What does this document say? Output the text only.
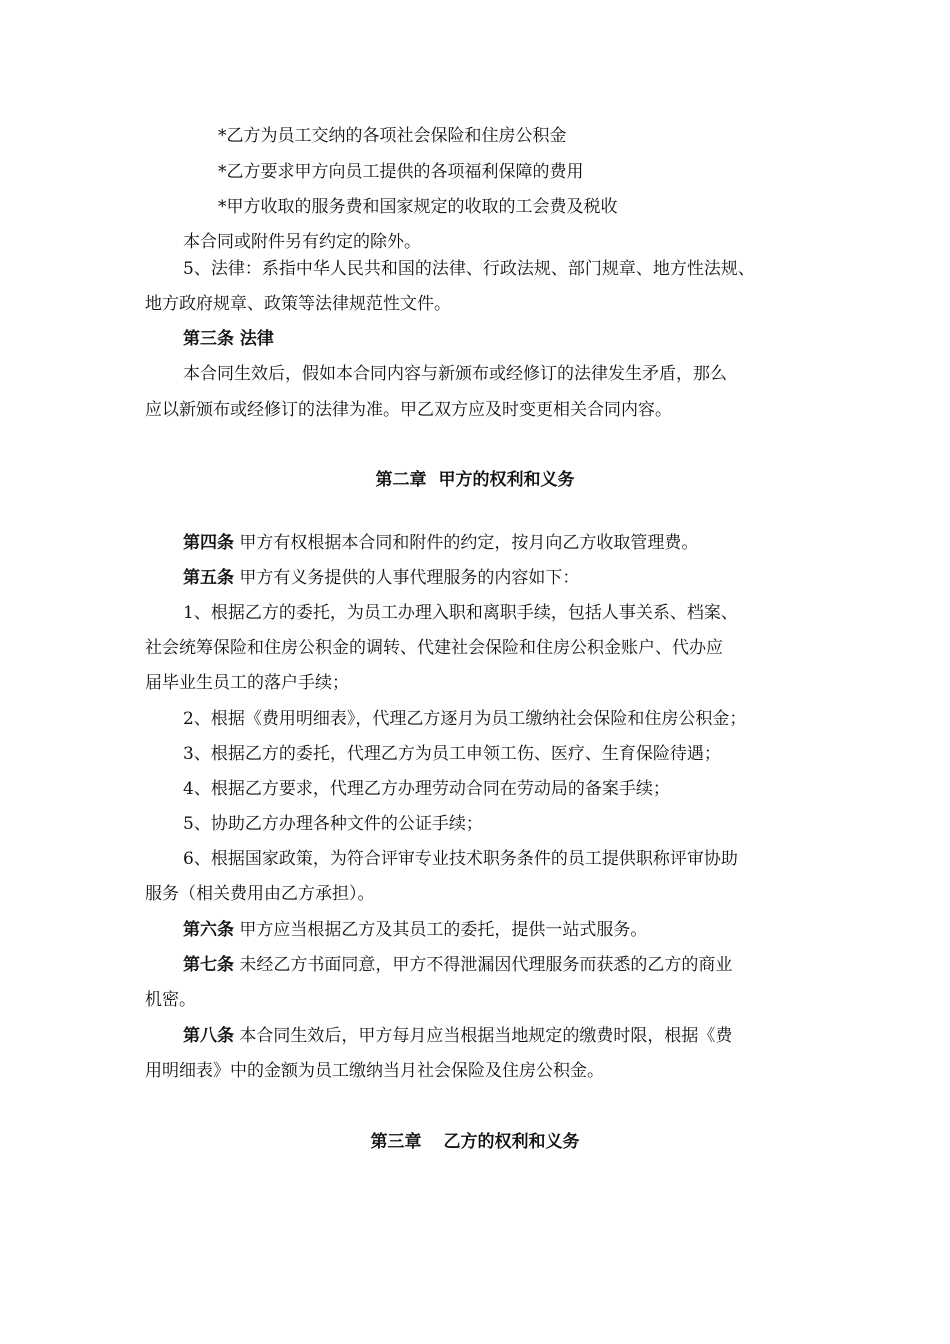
*乙方为员工交纳的各项社会保险和住房公积金
*乙方要求甲方向员工提供的各项福利保障的费用
*甲方收取的服务费和国家规定的收取的工会费及税收
本合同或附件另有约定的除外。
5、法律：系指中华人民共和国的法律、行政法规、部门规章、地方性法规、
地方政府规章、政策等法律规范性文件。
第三条 法律
本合同生效后，假如本合同内容与新颁布或经修订的法律发生矛盾，那么
应以新颁布或经修订的法律为准。甲乙双方应及时变更相关合同内容。
第二章 甲方的权利和义务
第四条 甲方有权根据本合同和附件的约定，按月向乙方收取管理费。
第五条 甲方有义务提供的人事代理服务的内容如下：
1、根据乙方的委托，为员工办理入职和离职手续，包括人事关系、档案、
社会统筹保险和住房公积金的调转、代建社会保险和住房公积金账户、代办应
届毕业生员工的落户手续；
2、根据《费用明细表》，代理乙方逐月为员工缴纳社会保险和住房公积金；
3、根据乙方的委托，代理乙方为员工申领工伤、医疗、生育保险待遇；
4、根据乙方要求，代理乙方办理劳动合同在劳动局的备案手续；
5、协助乙方办理各种文件的公证手续；
6、根据国家政策，为符合评审专业技术职务条件的员工提供职称评审协助
服务（相关费用由乙方承担）。
第六条 甲方应当根据乙方及其员工的委托，提供一站式服务。
第七条 未经乙方书面同意，甲方不得泄漏因代理服务而获悉的乙方的商业
机密。
第八条 本合同生效后，甲方每月应当根据当地规定的缴费时限，根据《费
用明细表》中的金额为员工缴纳当月社会保险及住房公积金。
第三章 乙方的权利和义务
